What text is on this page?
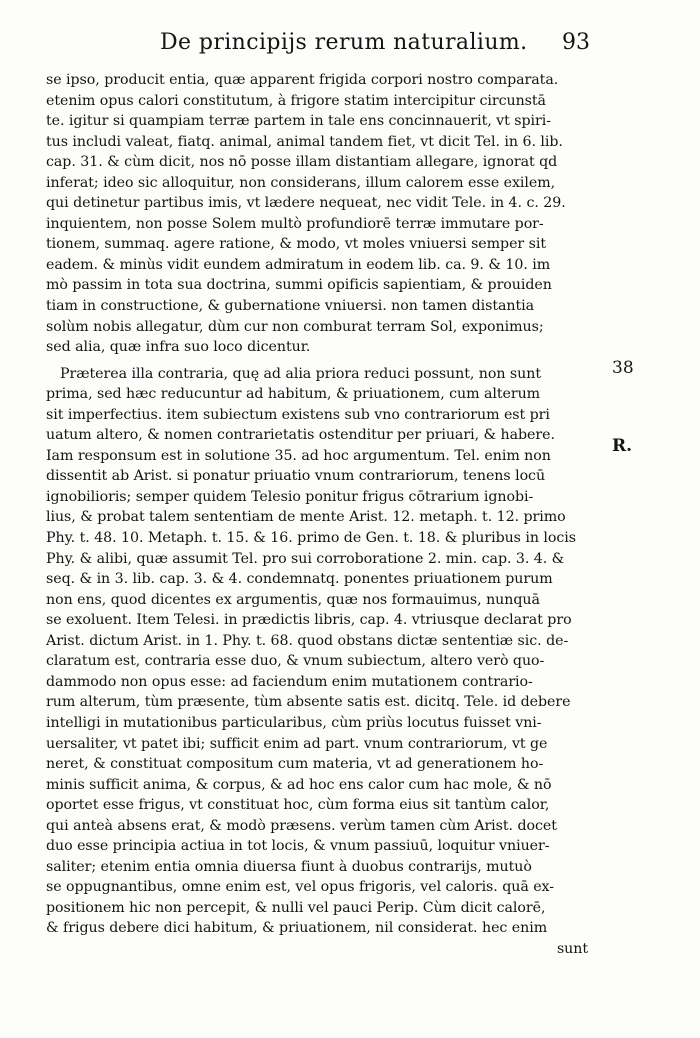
De principijs rerum naturalium. 93
se ipso, producit entia, quæ apparent frigida corpori nostro comparata.
etenim opus calori constitutum, à frigore statim intercipitur circunstā
te. igitur si quampiam terræ partem in tale ens concinnauerit, vt spiri-
tus includi valeat, fiatq. animal, animal tandem fiet, vt dicit Tel. in 6. lib.
cap. 31. & cùm dicit, nos nō posse illam distantiam allegare, ignorat qd
inferat; ideo sic alloquitur, non considerans, illum calorem esse exilem,
qui detinetur partibus imis, vt lædere nequeat, nec vidit Tele. in 4. c. 29.
inquientem, non posse Solem multò profundiorē terræ immutare por-
tionem, summaq. agere ratione, & modo, vt moles vniuersi semper sit
eadem. & minùs vidit eundem admiratum in eodem lib. ca. 9. & 10. im
mò passim in tota sua doctrina, summi opificis sapientiam, & prouiden
tiam in constructione, & gubernatione vniuersi. non tamen distantia
solùm nobis allegatur, dùm cur non comburat terram Sol, exponimus;
sed alia, quæ infra suo loco dicentur.
Præterea illa contraria, quę ad alia priora reduci possunt, non sunt
prima, sed hæc reducuntur ad habitum, & priuationem, cum alterum
sit imperfectius. item subiectum existens sub vno contrariorum est pri
uatum altero, & nomen contrarietatis ostenditur per priuari, & habere.
Iam responsum est in solutione 35. ad hoc argumentum. Tel. enim non
dissentit ab Arist. si ponatur priuatio vnum contrariorum, tenens locū
ignobilioris; semper quidem Telesio ponitur frigus cōtrarium ignobi-
lius, & probat talem sententiam de mente Arist. 12. metaph. t. 12. primo
Phy. t. 48. 10. Metaph. t. 15. & 16. primo de Gen. t. 18. & pluribus in locis
Phy. & alibi, quæ assumit Tel. pro sui corroboratione 2. min. cap. 3. 4. &
seq. & in 3. lib. cap. 3. & 4. condemnatq. ponentes priuationem purum
non ens, quod dicentes ex argumentis, quæ nos formauimus, nunquā
se exoluent. Item Telesi. in prædictis libris, cap. 4. vtriusque declarat pro
Arist. dictum Arist. in 1. Phy. t. 68. quod obstans dictæ sententiæ sic. de-
claratum est, contraria esse duo, & vnum subiectum, altero verò quo-
dammodo non opus esse: ad faciendum enim mutationem contrario-
rum alterum, tùm præsente, tùm absente satis est. dicitq. Tele. id debere
intelligi in mutationibus particularibus, cùm priùs locutus fuisset vni-
uersaliter, vt patet ibi; sufficit enim ad part. vnum contrariorum, vt ge
neret, & constituat compositum cum materia, vt ad generationem ho-
minis sufficit anima, & corpus, & ad hoc ens calor cum hac mole, & nō
oportet esse frigus, vt constituat hoc, cùm forma eius sit tantùm calor,
qui anteà absens erat, & modò præsens. verùm tamen cùm Arist. docet
duo esse principia actiua in tot locis, & vnum passiuū, loquitur vniuer-
saliter; etenim entia omnia diuersa fiunt à duobus contrarijs, mutuò
se oppugnantibus, omne enim est, vel opus frigoris, vel caloris. quā ex-
positionem hic non percepit, & nulli vel pauci Perip. Cùm dicit calorē,
& frigus debere dici habitum, & priuationem, nil considerat. hec enim
sunt
38
R.
